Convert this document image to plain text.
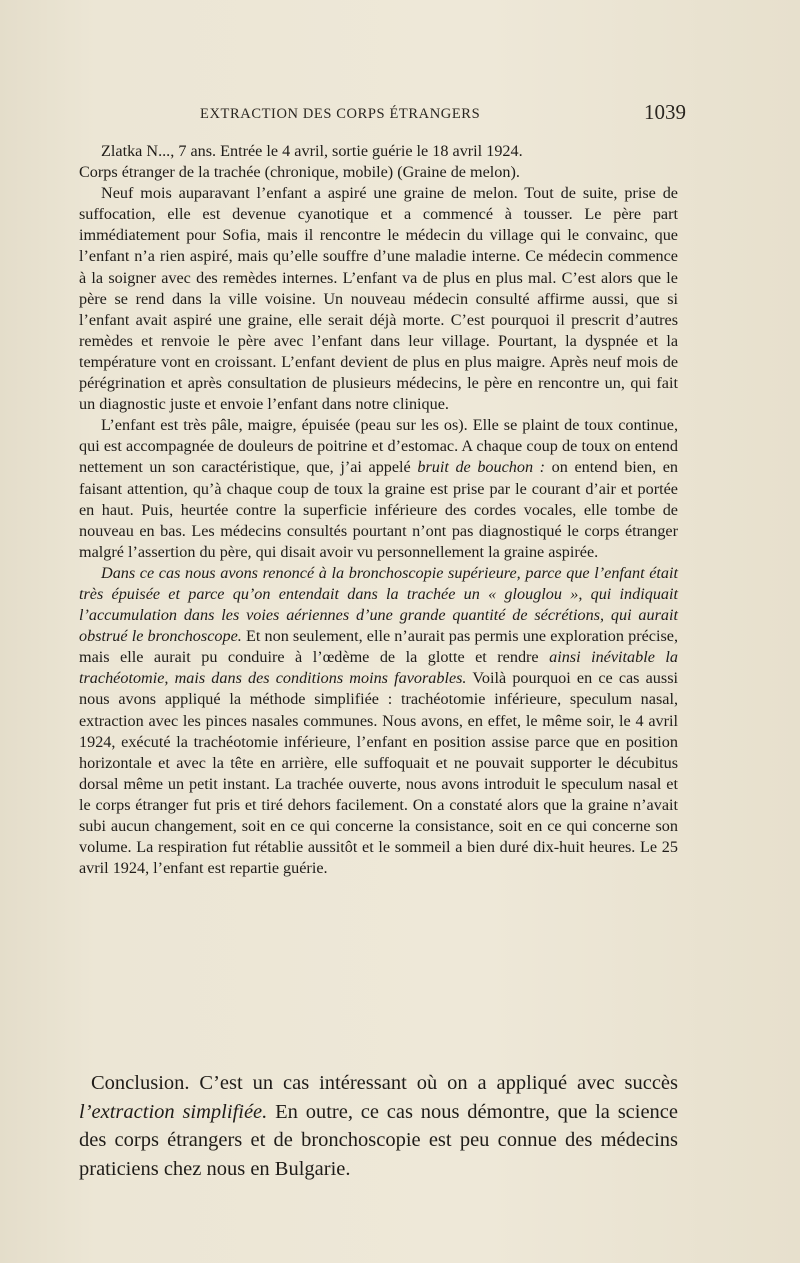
EXTRACTION DES CORPS ÉTRANGERS	1039

Zlatka N..., 7 ans. Entrée le 4 avril, sortie guérie le 18 avril 1924.

Corps étranger de la trachée (chronique, mobile) (Graine de melon).

Neuf mois auparavant l’enfant a aspiré une graine de melon. Tout de suite, prise de suffocation, elle est devenue cyanotique et a commencé à tousser. Le père part immédiatement pour Sofia, mais il rencontre le médecin du village qui le convainc, que l’enfant n’a rien aspiré, mais qu’elle souffre d’une maladie interne. Ce médecin commence à la soigner avec des remèdes internes. L’enfant va de plus en plus mal. C’est alors que le père se rend dans la ville voisine. Un nouveau médecin consulté affirme aussi, que si l’enfant avait aspiré une graine, elle serait déjà morte. C’est pourquoi il prescrit d’autres remèdes et renvoie le père avec l’enfant dans leur village. Pourtant, la dyspnée et la température vont en croissant. L’enfant devient de plus en plus maigre. Après neuf mois de pérégrination et après consultation de plusieurs médecins, le père en rencontre un, qui fait un diagnostic juste et envoie l’enfant dans notre clinique.

L’enfant est très pâle, maigre, épuisée (peau sur les os). Elle se plaint de toux continue, qui est accompagnée de douleurs de poitrine et d’estomac. A chaque coup de toux on entend nettement un son caractéristique, que, j’ai appelé bruit de bouchon : on entend bien, en faisant attention, qu’à chaque coup de toux la graine est prise par le courant d’air et portée en haut. Puis, heurtée contre la superficie inférieure des cordes vocales, elle tombe de nouveau en bas. Les médecins consultés pourtant n’ont pas diagnostiqué le corps étranger malgré l’assertion du père, qui disait avoir vu personnellement la graine aspirée.

Dans ce cas nous avons renoncé à la bronchoscopie supérieure, parce que l’enfant était très épuisée et parce qu’on entendait dans la trachée un « glouglou », qui indiquait l’accumulation dans les voies aériennes d’une grande quantité de sécrétions, qui aurait obstrué le bronchoscope. Et non seulement, elle n’aurait pas permis une exploration précise, mais elle aurait pu conduire à l’œdème de la glotte et rendre ainsi inévitable la trachéotomie, mais dans des conditions moins favorables. Voilà pourquoi en ce cas aussi nous avons appliqué la méthode simplifiée : trachéotomie inférieure, speculum nasal, extraction avec les pinces nasales communes. Nous avons, en effet, le même soir, le 4 avril 1924, exécuté la trachéotomie inférieure, l’enfant en position assise parce que en position horizontale et avec la tête en arrière, elle suffoquait et ne pouvait supporter le décubitus dorsal même un petit instant. La trachée ouverte, nous avons introduit le speculum nasal et le corps étranger fut pris et tiré dehors facilement. On a constaté alors que la graine n’avait subi aucun changement, soit en ce qui concerne la consistance, soit en ce qui concerne son volume. La respiration fut rétablie aussitôt et le sommeil a bien duré dix-huit heures. Le 25 avril 1924, l’enfant est repartie guérie.

Conclusion. C’est un cas intéressant où on a appliqué avec succès l’extraction simplifiée. En outre, ce cas nous démontre, que la science des corps étrangers et de bronchoscopie est peu connue des médecins praticiens chez nous en Bulgarie.
